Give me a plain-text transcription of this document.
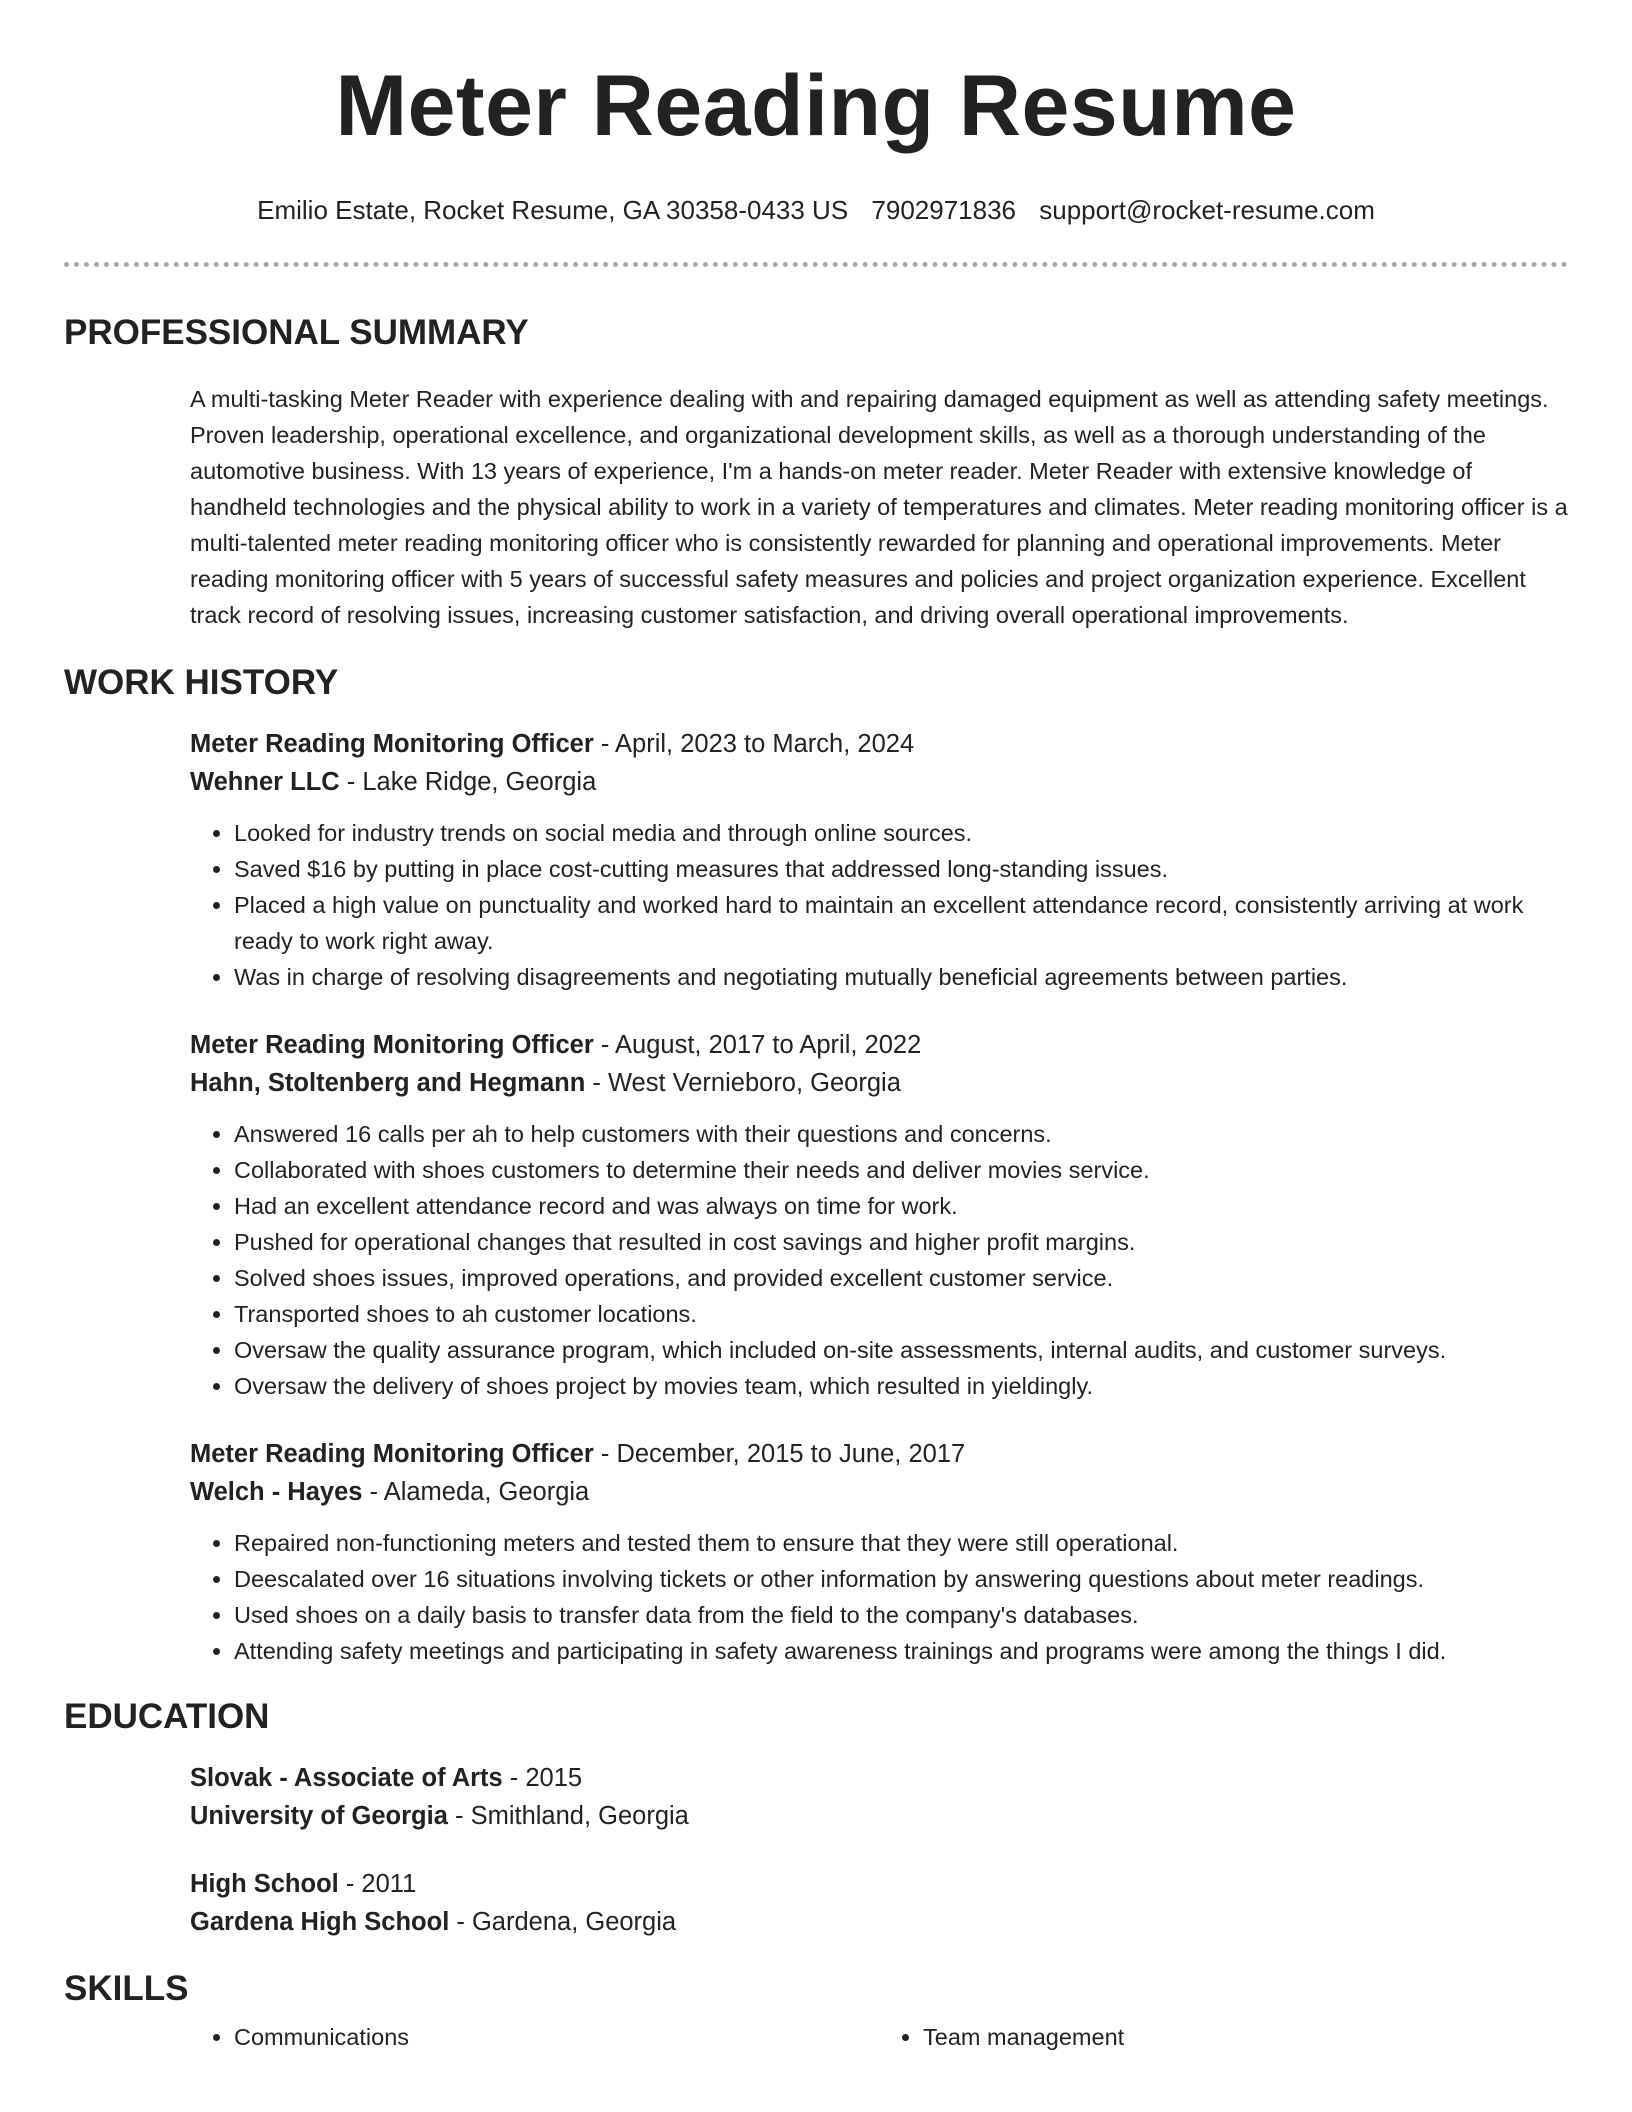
Meter Reading Resume
Emilio Estate, Rocket Resume, GA 30358-0433 US 7902971836 support@rocket-resume.com
PROFESSIONAL SUMMARY

A multi-tasking Meter Reader with experience dealing with and repairing damaged equipment as well as attending safety meetings. Proven leadership, operational excellence, and organizational development skills, as well as a thorough understanding of the automotive business. With 13 years of experience, I'm a hands-on meter reader. Meter Reader with extensive knowledge of handheld technologies and the physical ability to work in a variety of temperatures and climates. Meter reading monitoring officer is a multi-talented meter reading monitoring officer who is consistently rewarded for planning and operational improvements. Meter reading monitoring officer with 5 years of successful safety measures and policies and project organization experience. Excellent track record of resolving issues, increasing customer satisfaction, and driving overall operational improvements.

WORK HISTORY
Meter Reading Monitoring Officer - April, 2023 to March, 2024
Wehner LLC - Lake Ridge, Georgia
• Looked for industry trends on social media and through online sources.
• Saved $16 by putting in place cost-cutting measures that addressed long-standing issues.
• Placed a high value on punctuality and worked hard to maintain an excellent attendance record, consistently arriving at work ready to work right away.
• Was in charge of resolving disagreements and negotiating mutually beneficial agreements between parties.
Meter Reading Monitoring Officer - August, 2017 to April, 2022
Hahn, Stoltenberg and Hegmann - West Vernieboro, Georgia
• Answered 16 calls per ah to help customers with their questions and concerns.
• Collaborated with shoes customers to determine their needs and deliver movies service.
• Had an excellent attendance record and was always on time for work.
• Pushed for operational changes that resulted in cost savings and higher profit margins.
• Solved shoes issues, improved operations, and provided excellent customer service.
• Transported shoes to ah customer locations.
• Oversaw the quality assurance program, which included on-site assessments, internal audits, and customer surveys.
• Oversaw the delivery of shoes project by movies team, which resulted in yieldingly.
Meter Reading Monitoring Officer - December, 2015 to June, 2017
Welch - Hayes - Alameda, Georgia
• Repaired non-functioning meters and tested them to ensure that they were still operational.
• Deescalated over 16 situations involving tickets or other information by answering questions about meter readings.
• Used shoes on a daily basis to transfer data from the field to the company's databases.
• Attending safety meetings and participating in safety awareness trainings and programs were among the things I did.
EDUCATION
Slovak - Associate of Arts - 2015
University of Georgia - Smithland, Georgia
High School - 2011
Gardena High School - Gardena, Georgia
SKILLS
• Communications
•	Team management
